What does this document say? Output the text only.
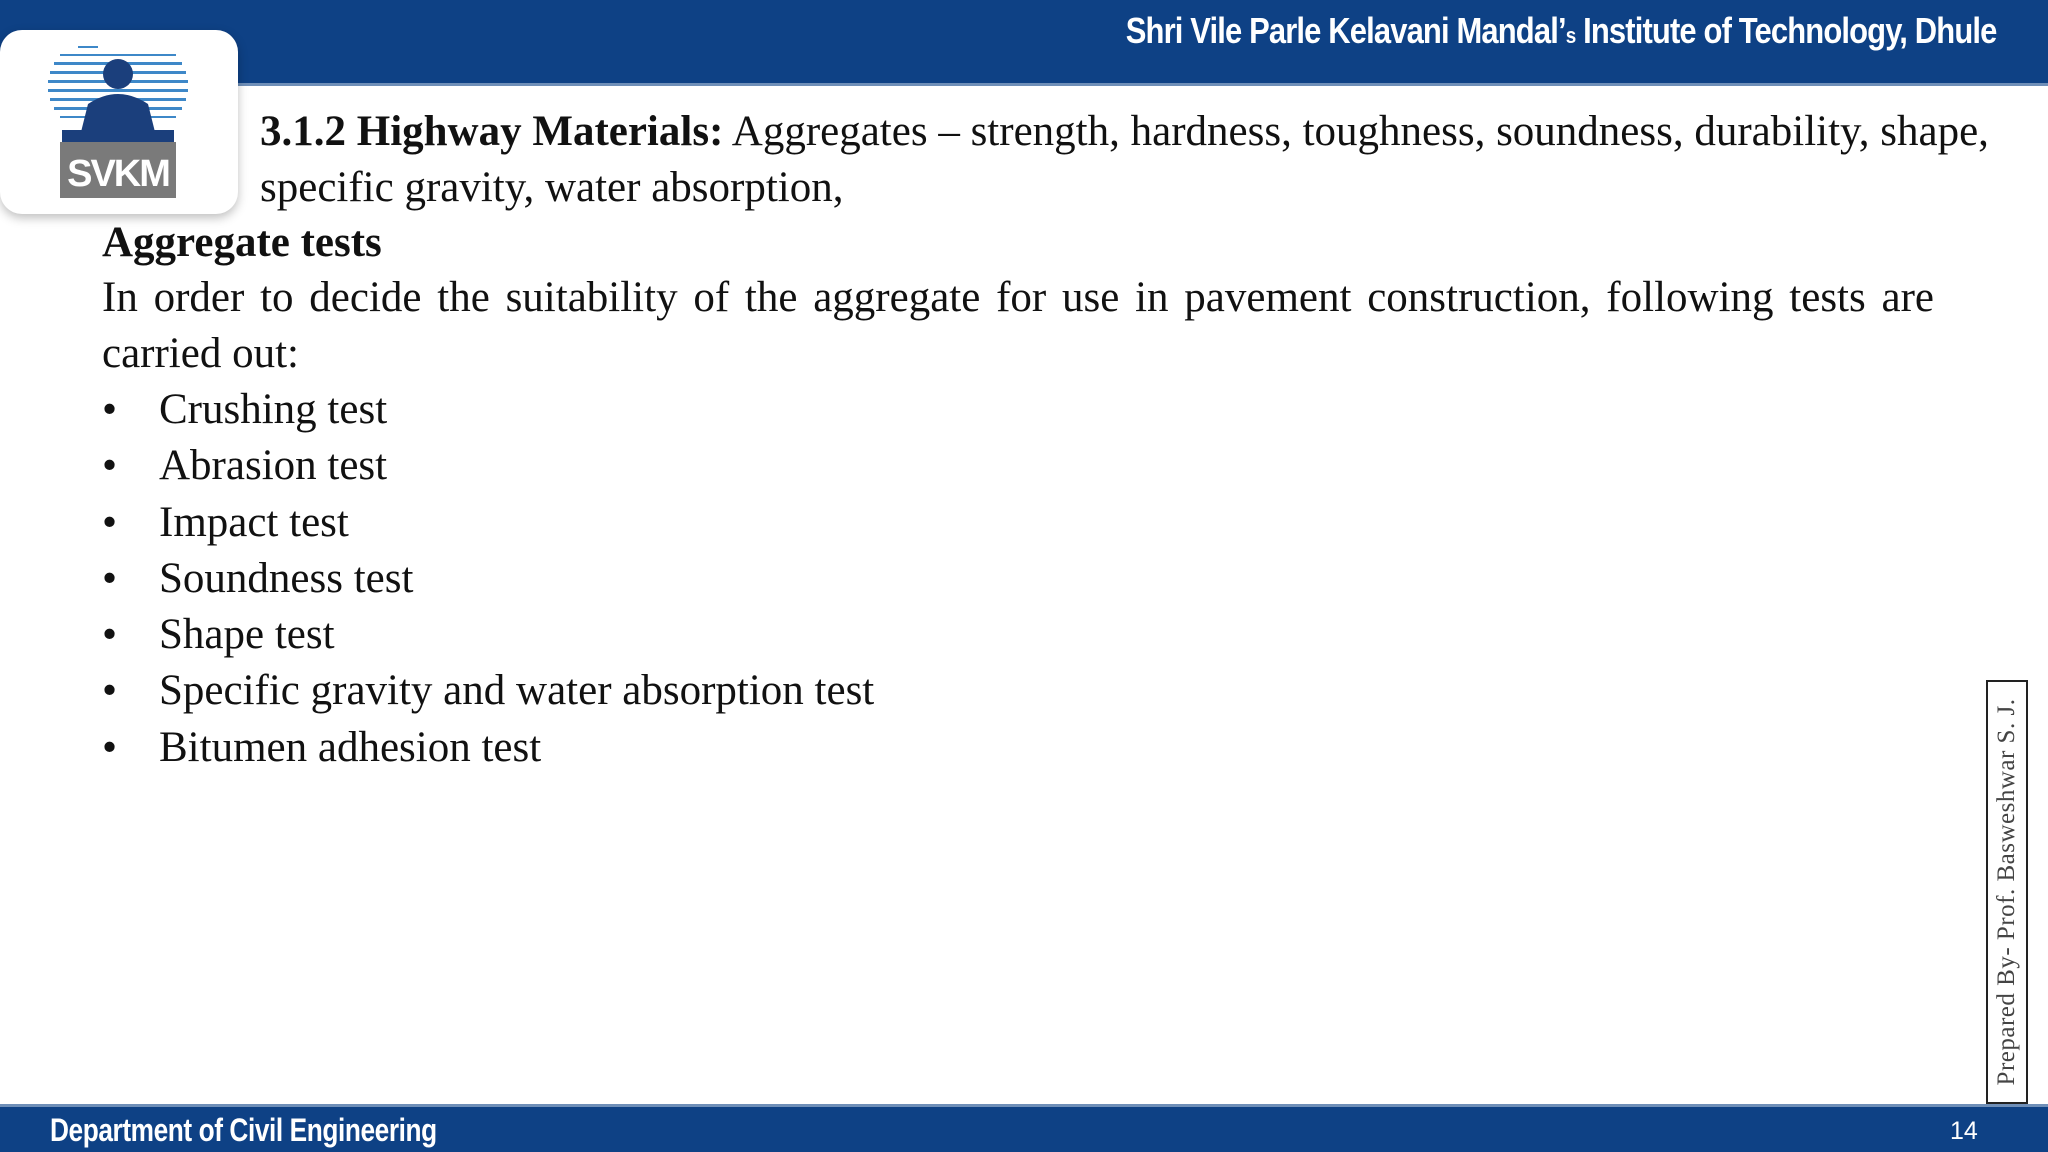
Shri Vile Parle Kelavani Mandal’s Institute of Technology, Dhule
SVKM
3.1.2 Highway Materials: Aggregates – strength, hardness, toughness, soundness, durability, shape, specific gravity, water absorption,
Aggregate tests
In order to decide the suitability of the aggregate for use in pavement construction, following tests are carried out:
• Crushing test
• Abrasion test
• Impact test
• Soundness test
• Shape test
• Specific gravity and water absorption test
• Bitumen adhesion test	Prepared By- Prof. Basweshwar S. J.
Department of Civil Engineering	14
